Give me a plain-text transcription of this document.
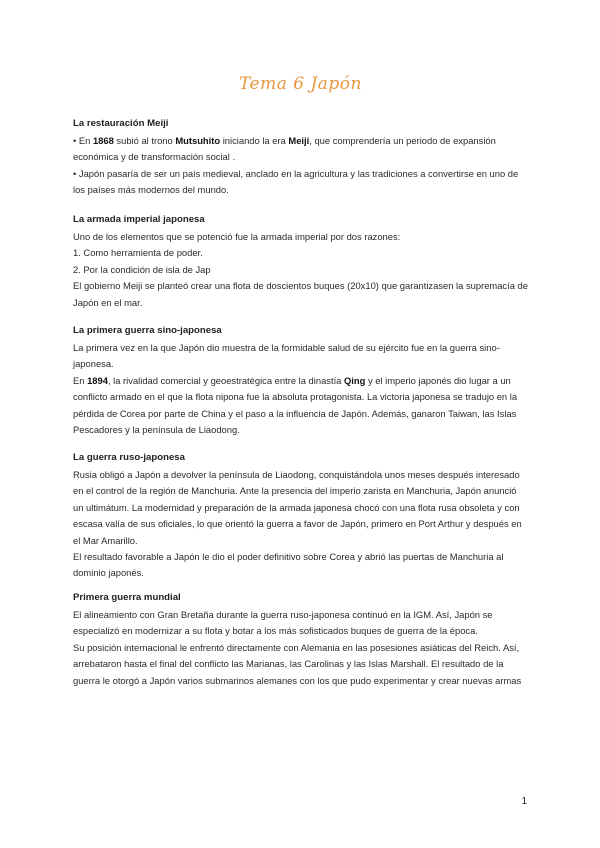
Tema 6 Japón
La restauración Meiji

• En 1868 subió al trono Mutsuhito iniciando la era Meiji, que comprendería un periodo de expansión económica y de transformación social .

• Japón pasaría de ser un país medieval, anclado en la agricultura y las tradiciones a convertirse en uno de los países más modernos del mundo.

La armada imperial japonesa

Uno de los elementos que se potenció fue la armada imperial por dos razones:

1. Como herramienta de poder.

2. Por la condición de isla de Jap

El gobierno Meiji se planteó crear una flota de doscientos buques (20x10) que garantizasen la supremacía de Japón en el mar.

La primera guerra sino-japonesa

La primera vez en la que Japón dio muestra de la formidable salud de su ejército fue en la guerra sino-japonesa.

En 1894, la rivalidad comercial y geoestratégica entre la dinastía Qing y el imperio japonés dio lugar a un conflicto armado en el que la flota nipona fue la absoluta protagonista. La victoria japonesa se tradujo en la pérdida de Corea por parte de China y el paso a la influencia de Japón. Además, ganaron Taiwan, las Islas Pescadores y la península de Liaodong.

La guerra ruso-japonesa

Rusia obligó a Japón a devolver la península de Liaodong, conquistándola unos meses después interesado en el control de la región de Manchuria. Ante la presencia del imperio zarista en Manchuria, Japón anunció un ultimátum. La modernidad y preparación de la armada japonesa chocó con una flota rusa obsoleta y con escasa valía de sus oficiales, lo que orientó la guerra a favor de Japón, primero en Port Arthur y después en el Mar Amarillo.

El resultado favorable a Japón le dio el poder definitivo sobre Corea y abrió las puertas de Manchuria al dominio japonés.

Primera guerra mundial

El alineamiento con Gran Bretaña durante la guerra ruso-japonesa continuó en la IGM. Así, Japón se especializó en modernizar a su flota y botar a los más sofisticados buques de guerra de la época.

Su posición internacional le enfrentó directamente con Alemania en las posesiones asiáticas del Reich. Así, arrebataron hasta el final del conflicto las Marianas, las Carolinas y las Islas Marshall. El resultado de la guerra le otorgó a Japón varios submarinos alemanes con los que pudo experimentar y crear nuevas armas

1
